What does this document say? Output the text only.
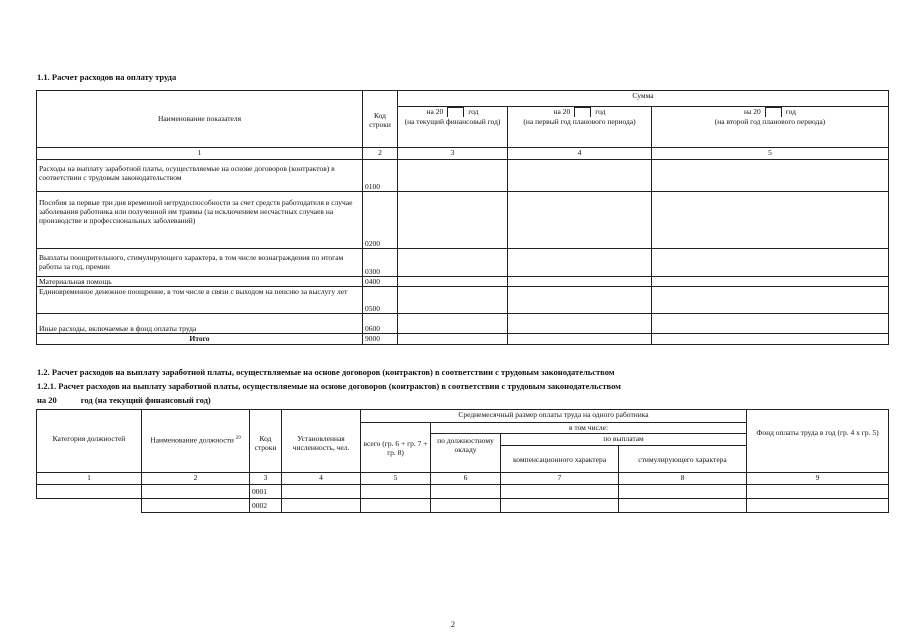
1.1. Расчет расходов на оплату труда
Наименование показателя	Код строки	Сумма		
		на 20 год	на 20 год	на 20 год
		(на текущий финансовый год)	(на первый год планового периода)	(на второй год планового периода)
1	2	3	4	5
Расходы на выплату заработной платы, осуществляемые на основе договоров (контрактов) в соответствии с трудовым законодательством	0100			
Пособия за первые три дня временной нетрудоспособности за счет средств работодателя в случае заболевания работника или полученной им травмы (за исключением несчастных случаев на производстве и профессиональных заболеваний)	0200			
Выплаты поощрительного, стимулирующего характера, в том числе вознаграждения по итогам работы за год, премии	0300			
Материальная помощь	0400			
Единовременное денежное поощрение, в том числе в связи с выходом на пенсию за выслугу лет	0500			
Иные расходы, включаемые в фонд оплаты труда	0600			
Итого	9000			
1.2. Расчет расходов на выплату заработной платы, осуществляемые на основе договоров (контрактов) в соответствии с трудовым законодательством
1.2.1. Расчет расходов на выплату заработной платы, осуществляемые на основе договоров (контрактов) в соответствии с трудовым законодательством
на 20	год (на текущий финансовый год)
Категория должностей	Наименование должности $^{29}$	Код строки	Установленная численность, чел.	Среднемесячный размер оплаты труда на одного работника				Фонд оплаты труда в год (гр. 4 x гр. 5)
				всего (гр. 6 + гр. 7 + гр. 8)	в том числе:			
					по должностному окладу	по выплатам		
						компенсационного характера	стимулирующего характера	
1	2	3	4	5	6	7	8	9
		0001						
		0002						
2
